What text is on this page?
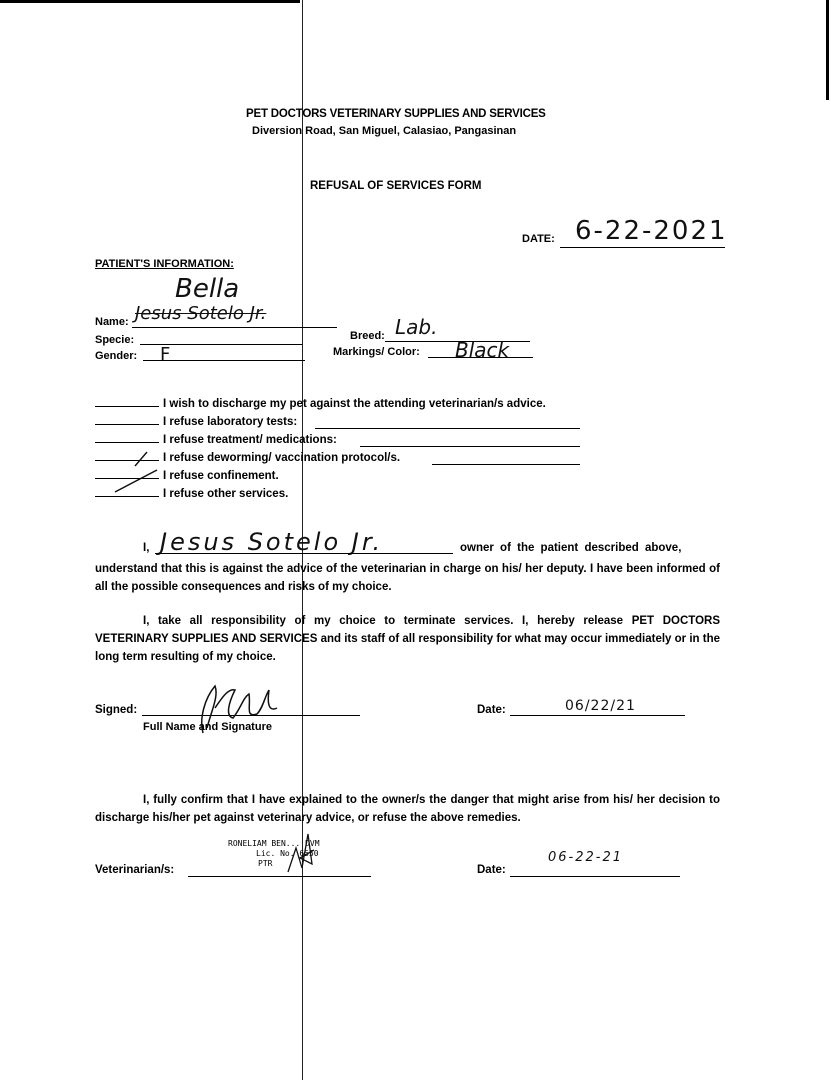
PET DOCTORS VETERINARY SUPPLIES AND SERVICES
Diversion Road, San Miguel, Calasiao, Pangasinan
REFUSAL OF SERVICES FORM
DATE: 6-22-2021
PATIENT'S INFORMATION:
Bella
Name: Jesus Sotelo Jr.
Specie:
Gender: F
Breed: Lab.
Markings/ Color: Black
I wish to discharge my pet against the attending veterinarian/s advice.
I refuse laboratory tests:
I refuse treatment/ medications:
I refuse deworming/ vaccination protocol/s.
I refuse confinement.
I refuse other services.
I, Jesus Sotelo Jr.	owner of the patient described above,
understand that this is against the advice of the veterinarian in charge on his/ her deputy. I have been informed of all the possible consequences and risks of my choice.
I, take all responsibility of my choice to terminate services. I, hereby release PET DOCTORS VETERINARY SUPPLIES AND SERVICES and its staff of all responsibility for what may occur immediately or in the long term resulting of my choice.
Signed:
Full Name and Signature
Date:	06/22/21
I, fully confirm that I have explained to the owner/s the danger that might arise from his/ her decision to discharge his/her pet against veterinary advice, or refuse the above remedies.
RONELIAM BEN... DVM
Lic. No. 6550
PTR
Veterinarian/s:	Date:
06-22-21
